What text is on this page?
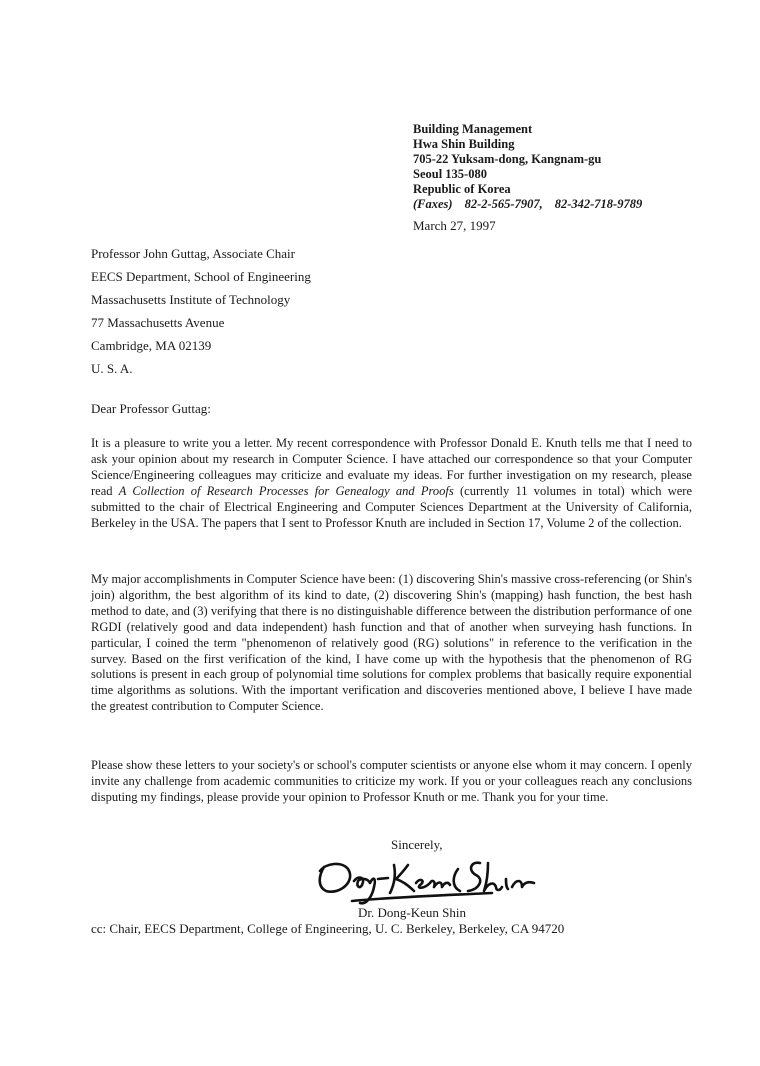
Building Management
Hwa Shin Building
705-22 Yuksam-dong, Kangnam-gu
Seoul 135-080
Republic of Korea
(Faxes) 82-2-565-7907, 82-342-718-9789
March 27, 1997
Professor John Guttag, Associate Chair
EECS Department, School of Engineering
Massachusetts Institute of Technology
77 Massachusetts Avenue
Cambridge, MA 02139
U. S. A.
Dear Professor Guttag:

It is a pleasure to write you a letter. My recent correspondence with Professor Donald E. Knuth tells me that I need to ask your opinion about my research in Computer Science. I have attached our correspondence so that your Computer Science/Engineering colleagues may criticize and evaluate my ideas. For further investigation on my research, please read A Collection of Research Processes for Genealogy and Proofs (currently 11 volumes in total) which were submitted to the chair of Electrical Engineering and Computer Sciences Department at the University of California, Berkeley in the USA. The papers that I sent to Professor Knuth are included in Section 17, Volume 2 of the collection.

My major accomplishments in Computer Science have been: (1) discovering Shin's massive cross-referencing (or Shin's join) algorithm, the best algorithm of its kind to date, (2) discovering Shin's (mapping) hash function, the best hash method to date, and (3) verifying that there is no distinguishable difference between the distribution performance of one RGDI (relatively good and data independent) hash function and that of another when surveying hash functions. In particular, I coined the term "phenomenon of relatively good (RG) solutions" in reference to the verification in the survey. Based on the first verification of the kind, I have come up with the hypothesis that the phenomenon of RG solutions is present in each group of polynomial time solutions for complex problems that basically require exponential time algorithms as solutions. With the important verification and discoveries mentioned above, I believe I have made the greatest contribution to Computer Science.

Please show these letters to your society's or school's computer scientists or anyone else whom it may concern. I openly invite any challenge from academic communities to criticize my work. If you or your colleagues reach any conclusions disputing my findings, please provide your opinion to Professor Knuth or me. Thank you for your time.

Sincerely,
Dr. Dong-Keun Shin
cc: Chair, EECS Department, College of Engineering, U. C. Berkeley, Berkeley, CA 94720
